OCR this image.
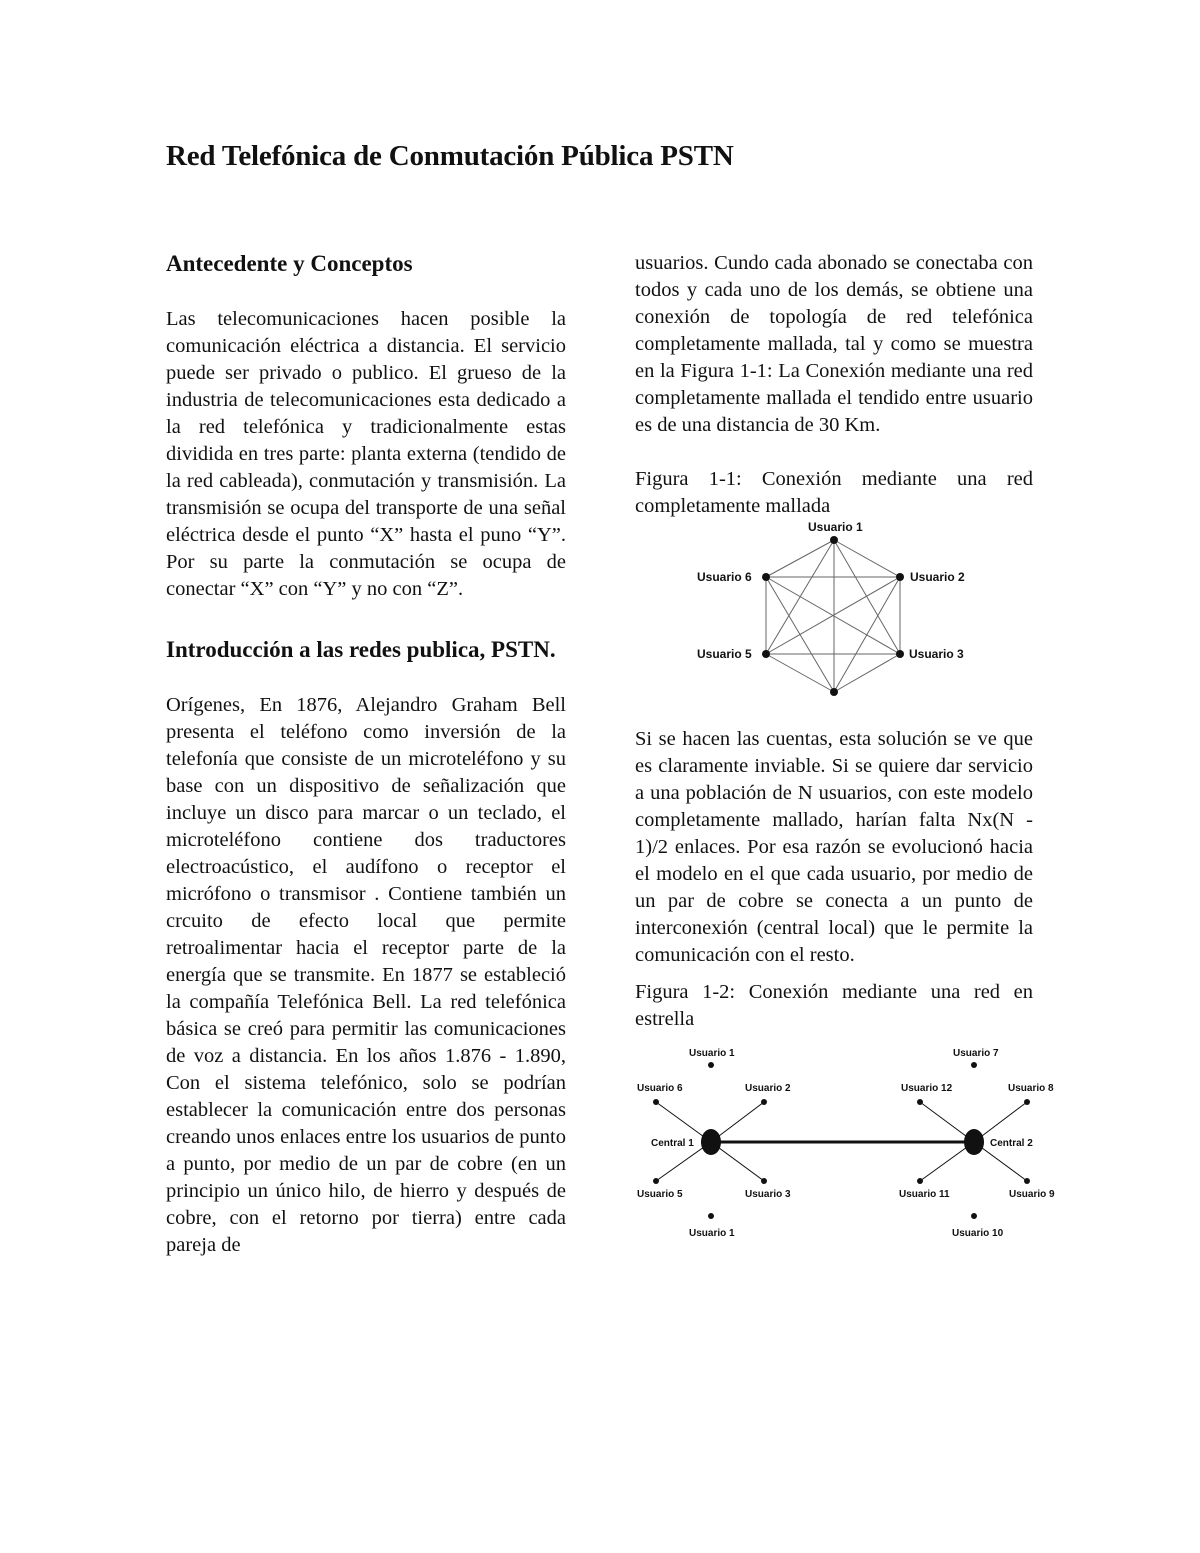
Red Telefónica de Conmutación Pública PSTN
Antecedente y Conceptos

Las telecomunicaciones hacen posible la comunicación eléctrica a distancia. El servicio puede ser privado o publico. El grueso de la industria de telecomunicaciones esta dedicado a la red telefónica y tradicionalmente estas dividida en tres parte: planta externa (tendido de la red cableada), conmutación y transmisión. La transmisión se ocupa del transporte de una señal eléctrica desde el punto “X” hasta el puno “Y”. Por su parte la conmutación se ocupa de conectar “X” con “Y” y no con “Z”.

Introducción a las redes publica, PSTN.

Orígenes, En 1876, Alejandro Graham Bell presenta el teléfono como inversión de la telefonía que consiste de un microteléfono y su base con un dispositivo de señalización que incluye un disco para marcar o un teclado, el microteléfono contiene dos traductores electroacústico, el audífono o receptor el micrófono o transmisor . Contiene también un crcuito de efecto local que permite retroalimentar hacia el receptor parte de la energía que se transmite. En 1877 se estableció la compañía Telefónica Bell. La red telefónica básica se creó para permitir las comunicaciones de voz a distancia. En los años 1.876 - 1.890, Con el sistema telefónico, solo se podrían establecer la comunicación entre dos personas creando unos enlaces entre los usuarios de punto a punto, por medio de un par de cobre (en un principio un único hilo, de hierro y después de cobre, con el retorno por tierra) entre cada pareja de

usuarios. Cundo cada abonado se conectaba con todos y cada uno de los demás, se obtiene una conexión de topología de red telefónica completamente mallada, tal y como se muestra en la Figura 1-1: La Conexión mediante una red completamente mallada el tendido entre usuario es de una distancia de 30 Km.

Figura 1-1: Conexión mediante una red completamente mallada

Usuario 1
Usuario 2
Usuario 3
Usuario 5
Usuario 6

Si se hacen las cuentas, esta solución se ve que es claramente inviable. Si se quiere dar servicio a una población de N usuarios, con este modelo completamente mallado, harían falta Nx(N - 1)/2 enlaces. Por esa razón se evolucionó hacia el modelo en el que cada usuario, por medio de un par de cobre se conecta a un punto de interconexión (central local) que le permite la comunicación con el resto.

Figura 1-2: Conexión mediante una red en estrella

Usuario 1
Usuario 6	Usuario 2
Central 1
Usuario 5	Usuario 3
Usuario 1
Usuario 7
Usuario 12	Usuario 8
Central 2
Usuario 11	Usuario 9
Usuario 10
